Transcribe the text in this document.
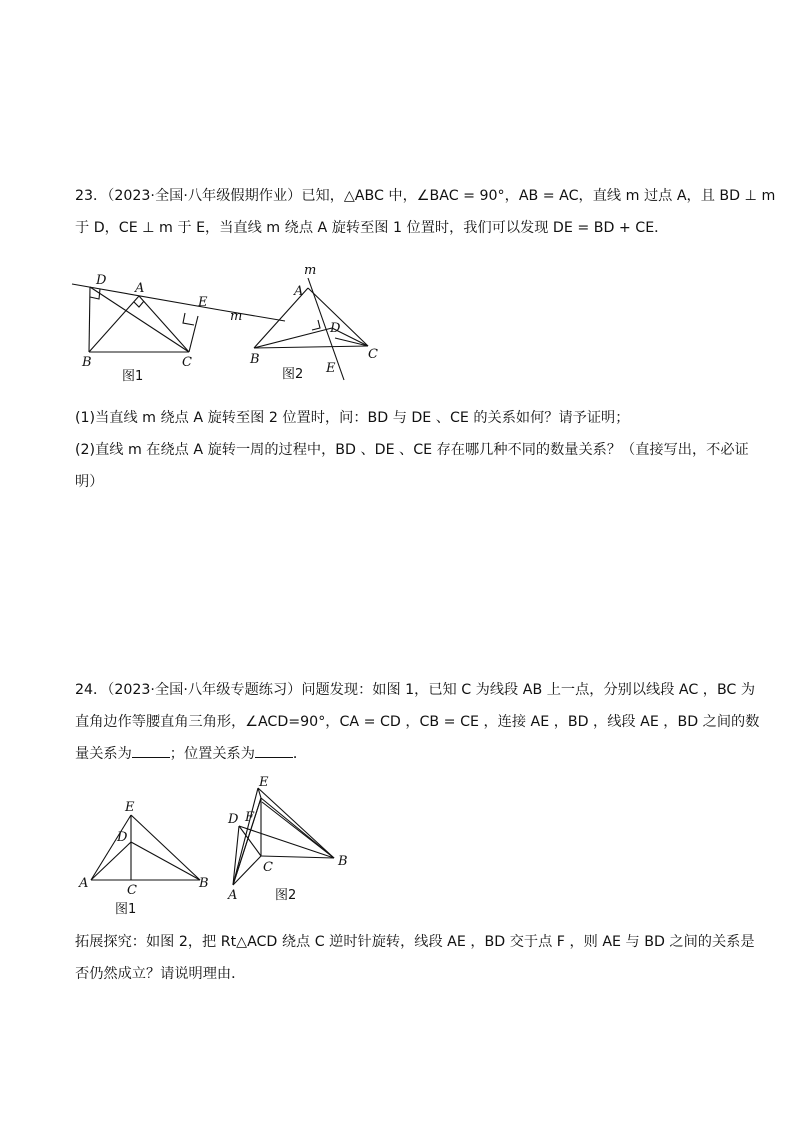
23．（2023·全国·八年级假期作业）已知，△ABC 中，∠BAC = 90°，AB = AC，直线 m 过点 A，且 BD ⊥ m
于 D，CE ⊥ m 于 E，当直线 m 绕点 A 旋转至图 1 位置时，我们可以发现 DE = BD + CE．
D
A
E
m
B	C
图1
m
A
D
B	C
E
图2
(1)当直线 m 绕点 A 旋转至图 2 位置时，问：BD 与 DE 、CE 的关系如何？请予证明；
(2)直线 m 在绕点 A 旋转一周的过程中，BD 、DE 、CE 存在哪几种不同的数量关系？（直接写出，不必证
明）
24．（2023·全国·八年级专题练习）问题发现：如图 1，已知 C 为线段 AB 上一点，分别以线段 AC ，BC 为
直角边作等腰直角三角形，∠ACD=90°，CA = CD ，CB = CE ，连接 AE ，BD ，线段 AE ，BD 之间的数
量关系为	；位置关系为	．
E
D
A	C	B
图1
E
D F
C	B
A	图2
拓展探究：如图 2，把 Rt△ACD 绕点 C 逆时针旋转，线段 AE ，BD 交于点 F ，则 AE 与 BD 之间的关系是
否仍然成立？请说明理由．
